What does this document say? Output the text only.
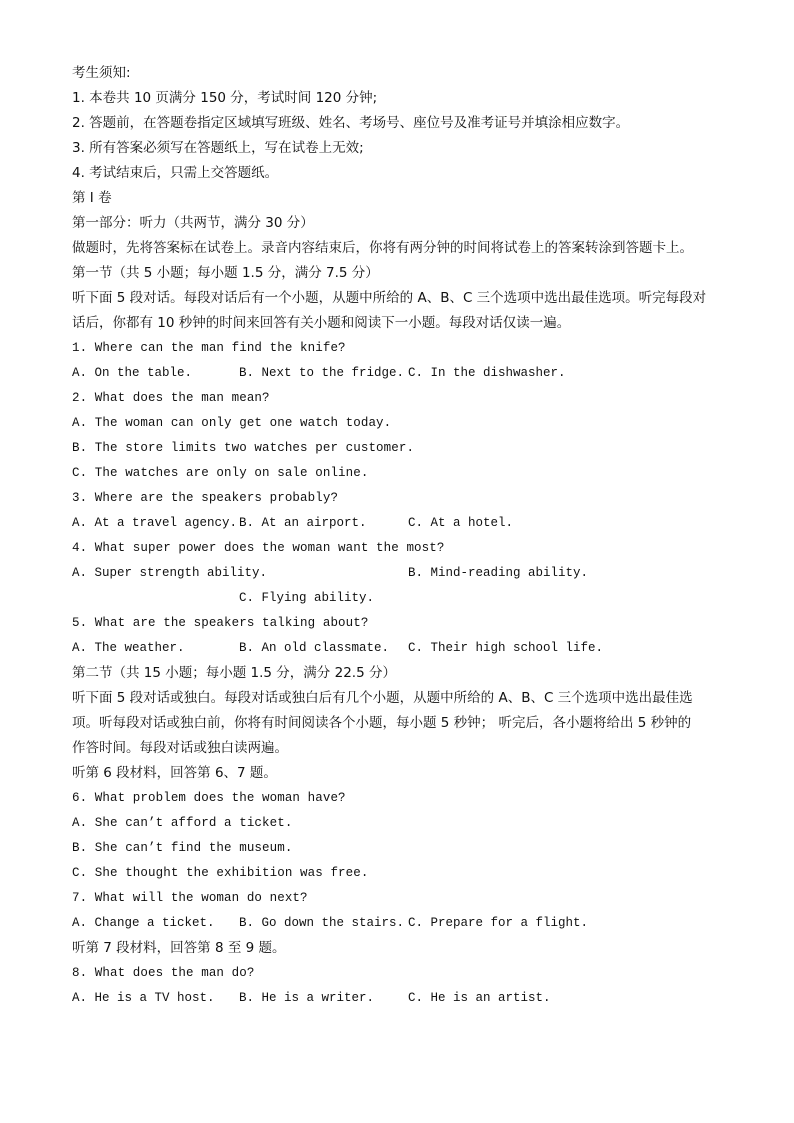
考生须知:
1. 本卷共 10 页满分 150 分，考试时间 120 分钟;
2. 答题前，在答题卷指定区域填写班级、姓名、考场号、座位号及准考证号并填涂相应数字。
3. 所有答案必须写在答题纸上，写在试卷上无效;
4. 考试结束后，只需上交答题纸。
第 I 卷
第一部分：听力（共两节，满分 30 分）
做题时，先将答案标在试卷上。录音内容结束后，你将有两分钟的时间将试卷上的答案转涂到答题卡上。
第一节（共 5 小题；每小题 1.5 分，满分 7.5 分）
听下面 5 段对话。每段对话后有一个小题，从题中所给的 A、B、C 三个选项中选出最佳选项。听完每段对
话后，你都有 10 秒钟的时间来回答有关小题和阅读下一小题。每段对话仅读一遍。
1. Where can the man find the knife?
A. On the table.	B. Next to the fridge. C. In the dishwasher.
2. What does the man mean?
A. The woman can only get one watch today.
B. The store limits two watches per customer.
C. The watches are only on sale online.
3. Where are the speakers probably?
A. At a travel agency. B. At an airport.	C. At a hotel.
4. What super power does the woman want the most?
A. Super strength ability.	B. Mind-reading ability.
C. Flying ability.
5. What are the speakers talking about?
A. The weather.	B. An old classmate. C. Their high school life.
第二节（共 15 小题；每小题 1.5 分，满分 22.5 分）
听下面 5 段对话或独白。每段对话或独白后有几个小题，从题中所给的 A、B、C 三个选项中选出最佳选
项。听每段对话或独白前，你将有时间阅读各个小题，每小题 5 秒钟； 听完后，各小题将给出 5 秒钟的
作答时间。每段对话或独白读两遍。
听第 6 段材料，回答第 6、7 题。
6. What problem does the woman have?
A. She can’t afford a ticket.
B. She can’t find the museum.
C. She thought the exhibition was free.
7. What will the woman do next?
A. Change a ticket. B. Go down the stairs. C. Prepare for a flight.
听第 7 段材料，回答第 8 至 9 题。
8. What does the man do?
A. He is a TV host. B. He is a writer.	C. He is an artist.
